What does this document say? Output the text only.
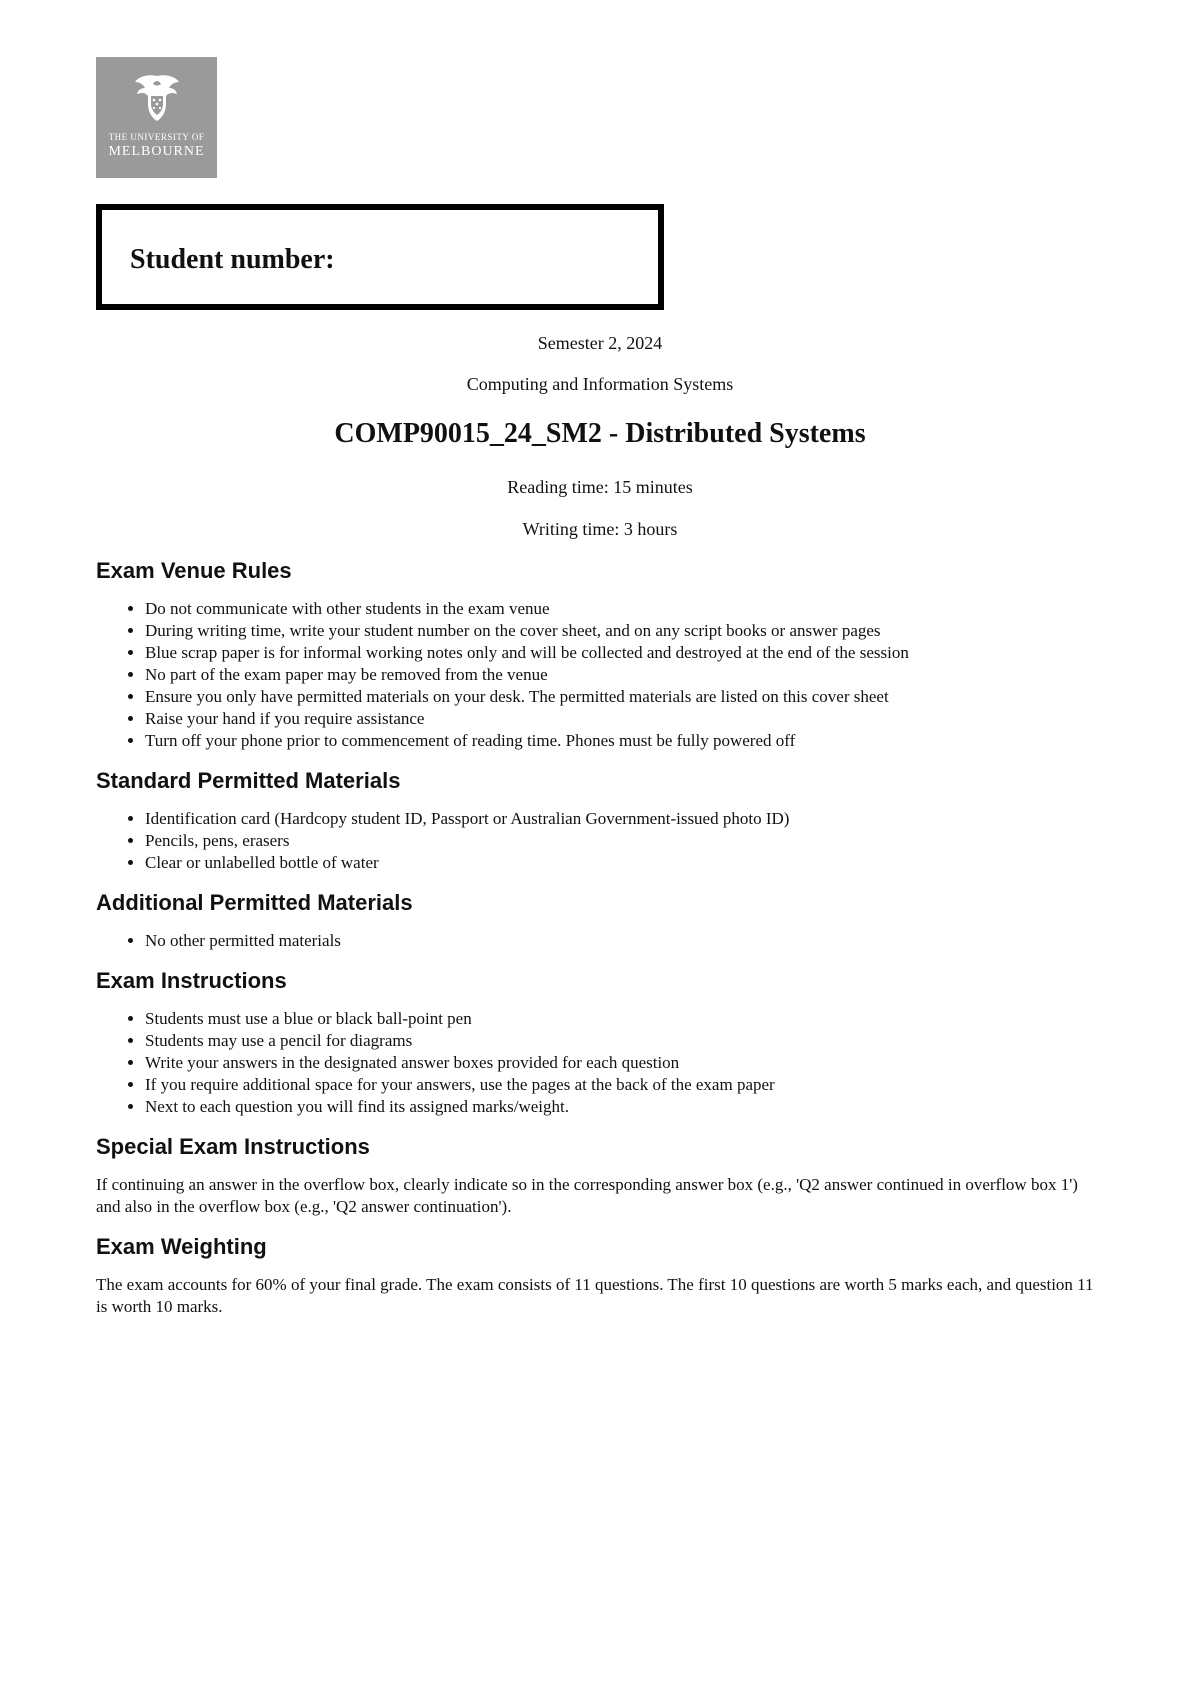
THE UNIVERSITY OF
MELBOURNE

Student number:

Semester 2, 2024

Computing and Information Systems

COMP90015_24_SM2 - Distributed Systems

Reading time: 15 minutes

Writing time: 3 hours

Exam Venue Rules
• Do not communicate with other students in the exam venue
• During writing time, write your student number on the cover sheet, and on any script books or answer pages
• Blue scrap paper is for informal working notes only and will be collected and destroyed at the end of the session
• No part of the exam paper may be removed from the venue
• Ensure you only have permitted materials on your desk. The permitted materials are listed on this cover sheet
• Raise your hand if you require assistance
• Turn off your phone prior to commencement of reading time. Phones must be fully powered off
Standard Permitted Materials
• Identification card (Hardcopy student ID, Passport or Australian Government-issued photo ID)
• Pencils, pens, erasers
• Clear or unlabelled bottle of water
Additional Permitted Materials
• No other permitted materials
Exam Instructions
• Students must use a blue or black ball-point pen
• Students may use a pencil for diagrams
• Write your answers in the designated answer boxes provided for each question
• If you require additional space for your answers, use the pages at the back of the exam paper
• Next to each question you will find its assigned marks/weight.
Special Exam Instructions

If continuing an answer in the overflow box, clearly indicate so in the corresponding answer box (e.g., 'Q2 answer continued in overflow box 1') and also in the overflow box (e.g., 'Q2 answer continuation').

Exam Weighting

The exam accounts for 60% of your final grade. The exam consists of 11 questions. The first 10 questions are worth 5 marks each, and question 11 is worth 10 marks.
